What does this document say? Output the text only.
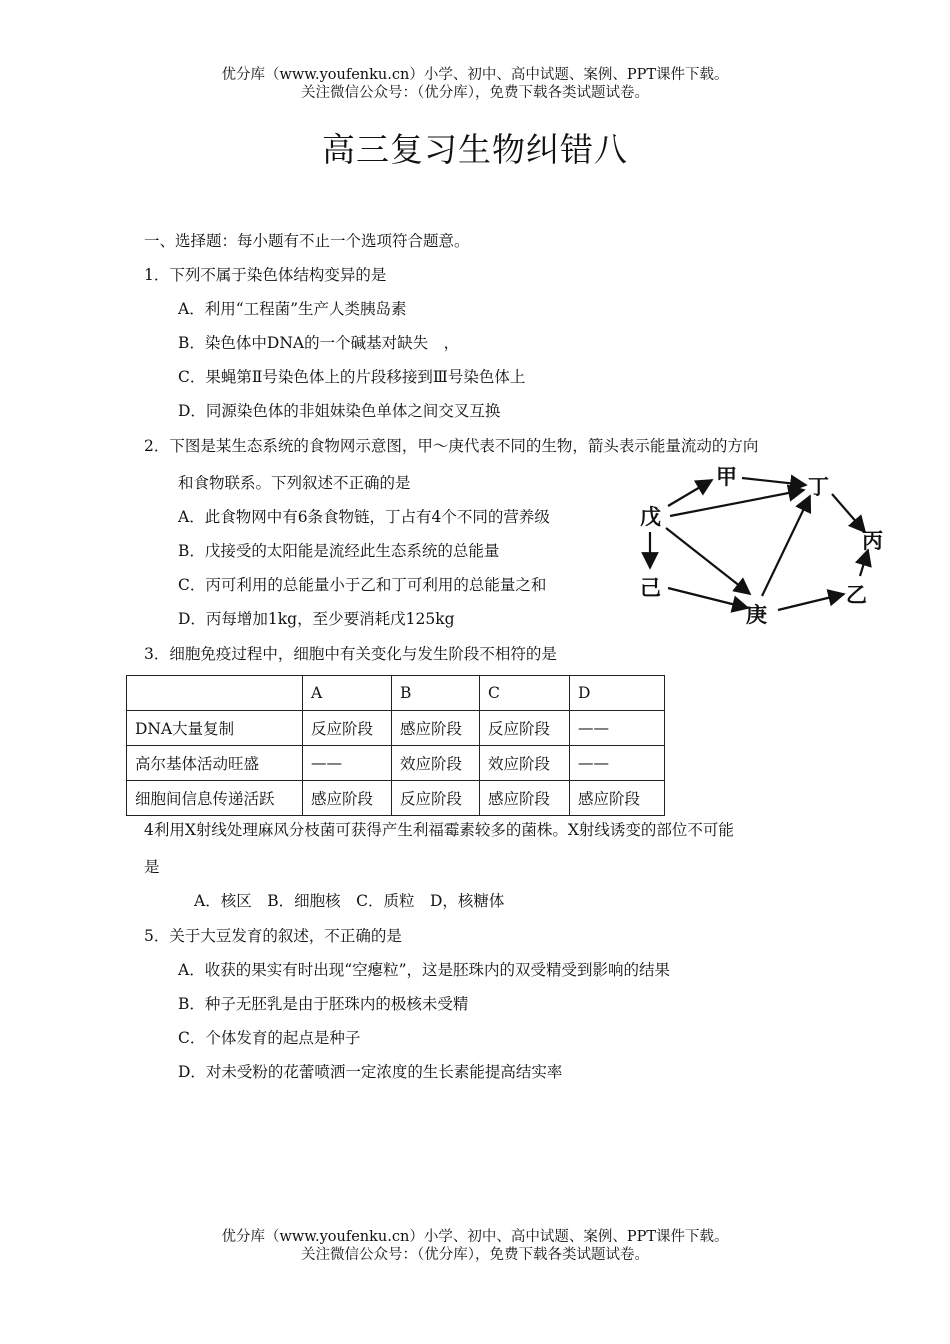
优分库（www.youfenku.cn）小学、初中、高中试题、案例、PPT课件下载。
关注微信公众号：（优分库），免费下载各类试题试卷。
高三复习生物纠错八
一、选择题：每小题有不止一个选项符合题意。
1．下列不属于染色体结构变异的是
A．利用“工程菌”生产人类胰岛素
B．染色体中DNA的一个碱基对缺失　，
C．果蝇第Ⅱ号染色体上的片段移接到Ⅲ号染色体上
D．同源染色体的非姐妹染色单体之间交叉互换
2．下图是某生态系统的食物网示意图，甲～庚代表不同的生物，箭头表示能量流动的方向
和食物联系。下列叙述不正确的是
A．此食物网中有6条食物链，丁占有4个不同的营养级
B．戊接受的太阳能是流经此生态系统的总能量
C．丙可利用的总能量小于乙和丁可利用的总能量之和
D．丙每增加1kg，至少要消耗戊125kg
甲	丁
戊
丙
己
庚
乙
3．细胞免疫过程中，细胞中有关变化与发生阶段不相符的是
	A	B	C	D
DNA大量复制	反应阶段	感应阶段	反应阶段	——
高尔基体活动旺盛	——	效应阶段	效应阶段	——
细胞间信息传递活跃	感应阶段	反应阶段	感应阶段	感应阶段
4利用X射线处理麻风分枝菌可获得产生利福霉素较多的菌株。X射线诱变的部位不可能
是
A．核区　B．细胞核　C．质粒　D，核糖体
5．关于大豆发育的叙述，不正确的是
A．收获的果实有时出现“空瘪粒”，这是胚珠内的双受精受到影响的结果
B．种子无胚乳是由于胚珠内的极核未受精
C．个体发育的起点是种子
D．对未受粉的花蕾喷洒一定浓度的生长素能提高结实率
优分库（www.youfenku.cn）小学、初中、高中试题、案例、PPT课件下载。
关注微信公众号：（优分库），免费下载各类试题试卷。
